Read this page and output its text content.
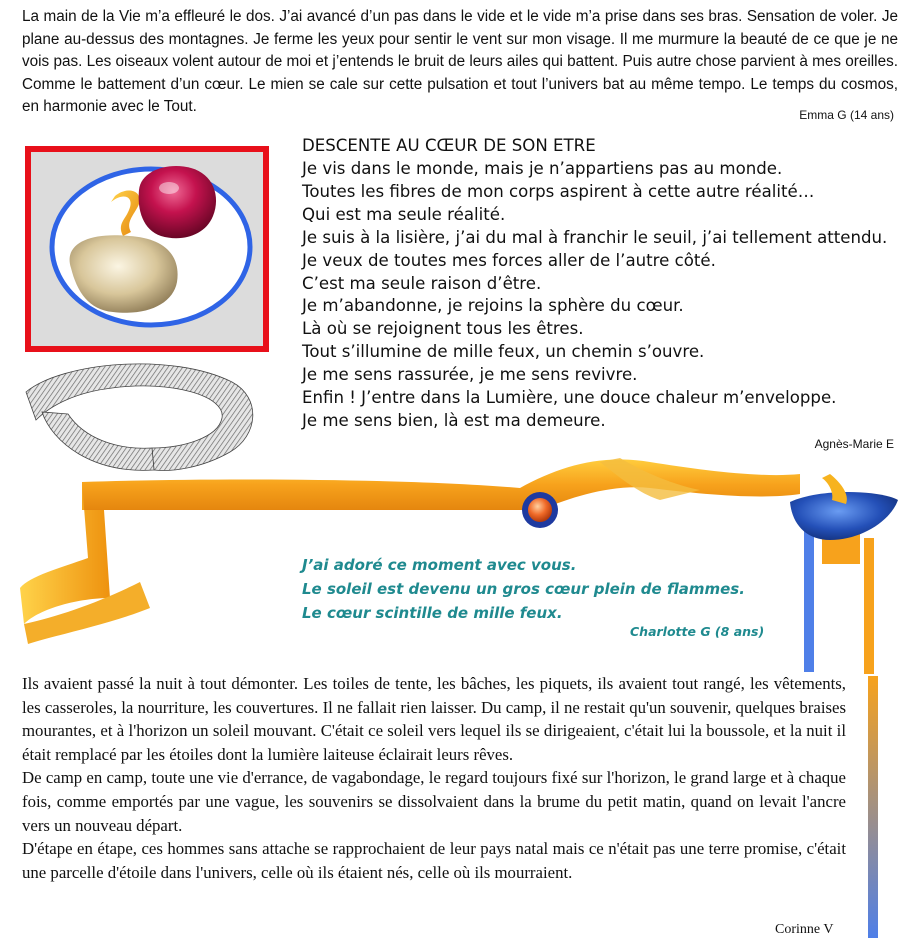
La main de la Vie m’a effleuré le dos. J’ai avancé d’un pas dans le vide et le vide m’a prise dans ses bras. Sensation de voler. Je plane au-dessus des montagnes. Je ferme les yeux pour sentir le vent sur mon visage. Il me murmure la beauté de ce que je ne vois pas. Les oiseaux volent autour de moi et j’entends le bruit de leurs ailes qui battent. Puis autre chose parvient à mes oreilles. Comme le battement d’un cœur. Le mien se cale sur cette pulsation et tout l’univers bat au même tempo. Le temps du cosmos, en harmonie avec le Tout.	Emma G (14 ans)
DESCENTE AU CŒUR DE SON ETRE
Je vis dans le monde, mais je n’appartiens pas au monde.
Toutes les fibres de mon corps aspirent à cette autre réalité…
Qui est ma seule réalité.
Je suis à la lisière, j’ai du mal à franchir le seuil, j’ai tellement attendu.
Je veux de toutes mes forces aller de l’autre côté.
C’est ma seule raison d’être.
Je m’abandonne, je rejoins la sphère du cœur.
Là où se rejoignent tous les êtres.
Tout s’illumine de mille feux, un chemin s’ouvre.
Je me sens rassurée, je me sens revivre.
Enfin ! J’entre dans la Lumière, une douce chaleur m’enveloppe.
Je me sens bien, là est ma demeure.
Agnès-Marie E
J’ai adoré ce moment avec vous.
Le soleil est devenu un gros cœur plein de flammes.
Le cœur scintille de mille feux.
Charlotte G (8 ans)

Ils avaient passé la nuit à tout démonter. Les toiles de tente, les bâches, les piquets, ils avaient tout rangé, les vêtements, les casseroles, la nourriture, les couvertures. Il ne fallait rien laisser. Du camp, il ne restait qu'un souvenir, quelques braises mourantes, et à l'horizon un soleil mouvant. C'était ce soleil vers lequel ils se dirigeaient, c'était lui la boussole, et la nuit il était remplacé par les étoiles dont la lumière laiteuse éclairait leurs rêves.

De camp en camp, toute une vie d'errance, de vagabondage, le regard toujours fixé sur l'horizon, le grand large et à chaque fois, comme emportés par une vague, les souvenirs se dissolvaient dans la brume du petit matin, quand on levait l'ancre vers un nouveau départ.

D'étape en étape, ces hommes sans attache se rapprochaient de leur pays natal mais ce n'était pas une terre promise, c'était une parcelle d'étoile dans l'univers, celle où ils étaient nés, celle où ils mourraient.

Corinne V
